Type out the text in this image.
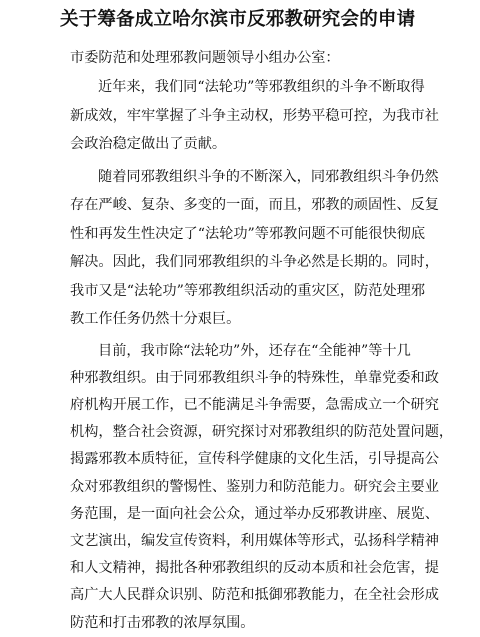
关于筹备成立哈尔滨市反邪教研究会的申请

市委防范和处理邪教问题领导小组办公室：

近年来，我们同“法轮功”等邪教组织的斗争不断取得
新成效，牢牢掌握了斗争主动权，形势平稳可控，为我市社
会政治稳定做出了贡献。
随着同邪教组织斗争的不断深入，同邪教组织斗争仍然
存在严峻、复杂、多变的一面，而且，邪教的顽固性、反复
性和再发生性决定了“法轮功”等邪教问题不可能很快彻底
解决。因此，我们同邪教组织的斗争必然是长期的。同时，
我市又是“法轮功”等邪教组织活动的重灾区，防范处理邪
教工作任务仍然十分艰巨。
目前，我市除“法轮功”外，还存在“全能神”等十几
种邪教组织。由于同邪教组织斗争的特殊性，单靠党委和政
府机构开展工作，已不能满足斗争需要，急需成立一个研究
机构，整合社会资源，研究探讨对邪教组织的防范处置问题，
揭露邪教本质特征，宣传科学健康的文化生活，引导提高公
众对邪教组织的警惕性、鉴别力和防范能力。研究会主要业
务范围，是一面向社会公众，通过举办反邪教讲座、展览、
文艺演出，编发宣传资料，利用媒体等形式，弘扬科学精神
和人文精神，揭批各种邪教组织的反动本质和社会危害，提
高广大人民群众识别、防范和抵御邪教能力，在全社会形成
防范和打击邪教的浓厚氛围。
